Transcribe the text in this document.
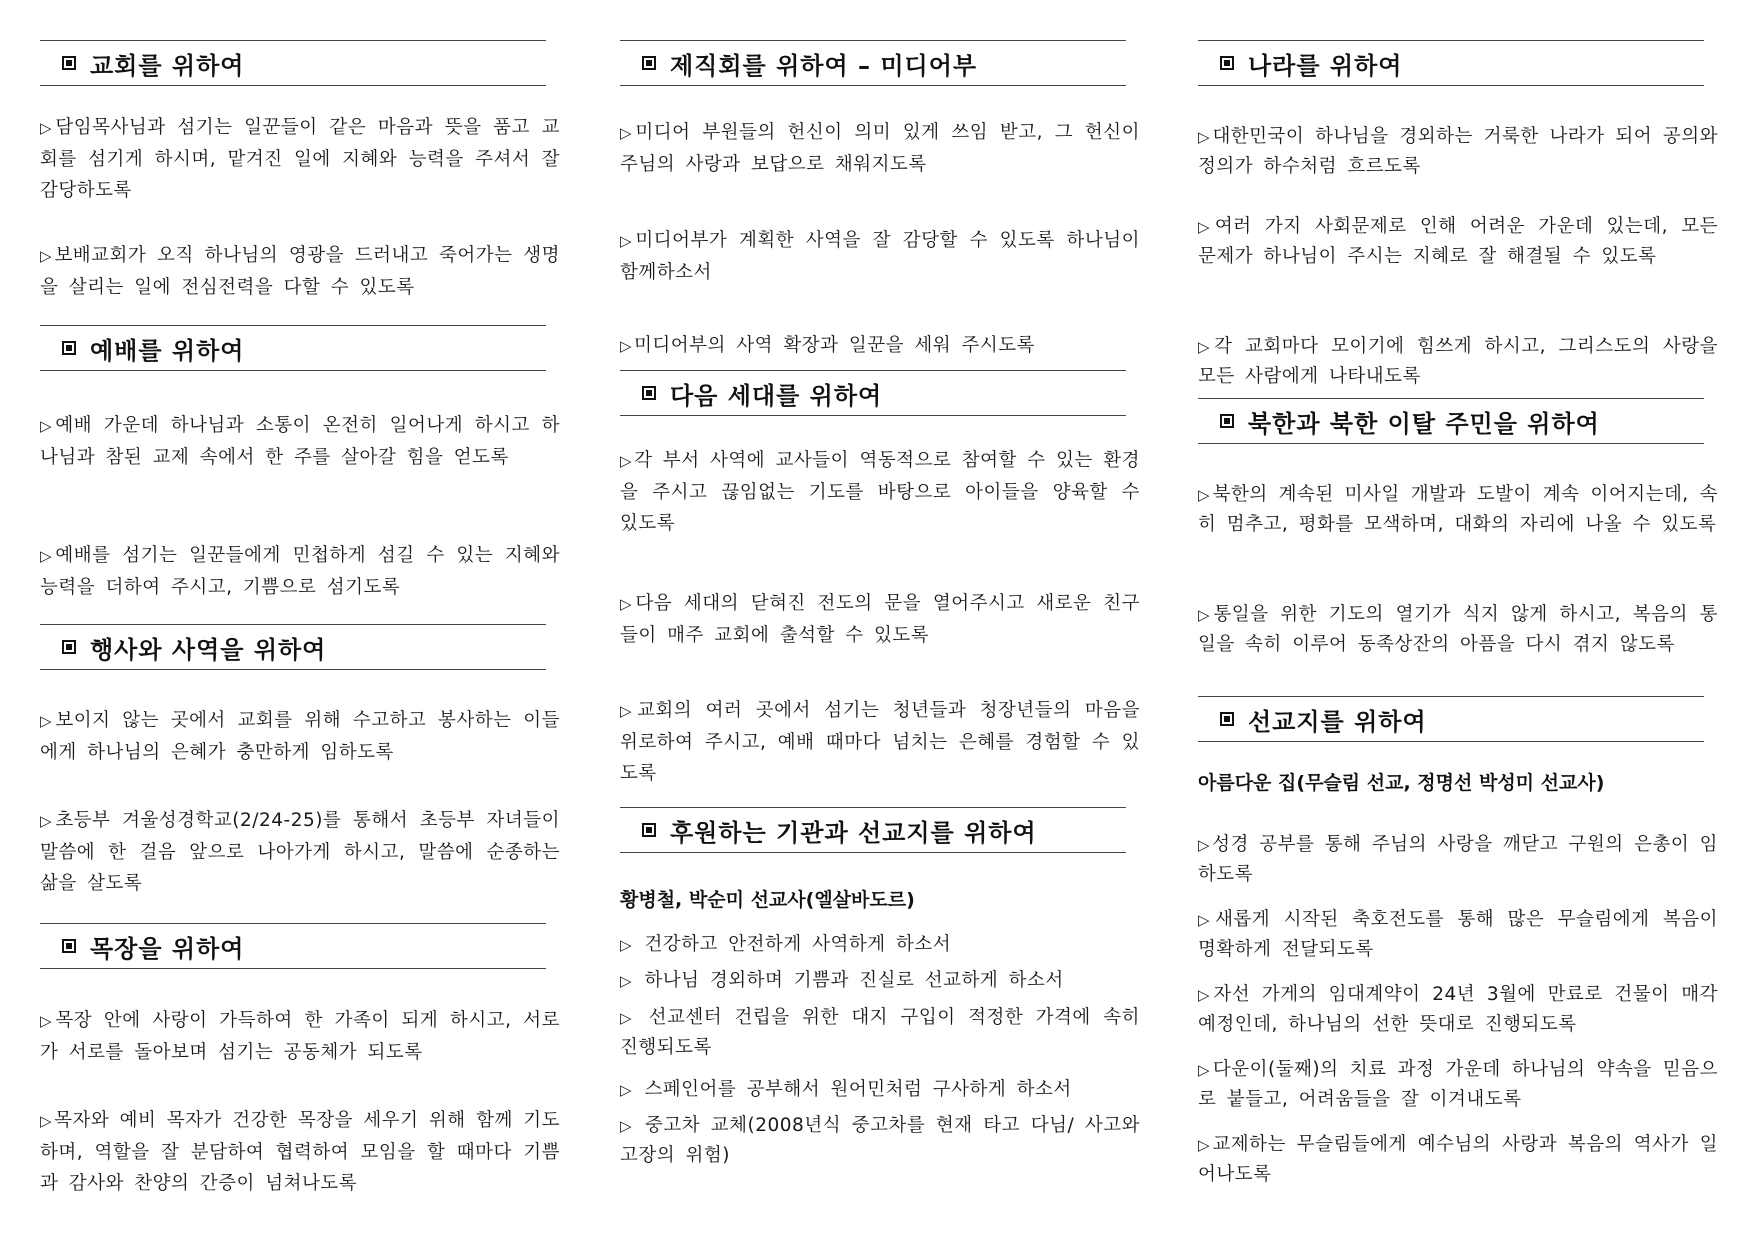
교회를 위하여
▷ 담임목사님과 섬기는 일꾼들이 같은 마음과 뜻을 품고 교회를 섬기게 하시며, 맡겨진 일에 지혜와 능력을 주셔서 잘 감당하도록
▷ 보배교회가 오직 하나님의 영광을 드러내고 죽어가는 생명을 살리는 일에 전심전력을 다할 수 있도록
예배를 위하여
▷ 예배 가운데 하나님과 소통이 온전히 일어나게 하시고 하나님과 참된 교제 속에서 한 주를 살아갈 힘을 얻도록
▷ 예배를 섬기는 일꾼들에게 민첩하게 섬길 수 있는 지혜와 능력을 더하여 주시고, 기쁨으로 섬기도록
행사와 사역을 위하여
▷ 보이지 않는 곳에서 교회를 위해 수고하고 봉사하는 이들에게 하나님의 은혜가 충만하게 임하도록
▷ 초등부 겨울성경학교(2/24-25)를 통해서 초등부 자녀들이 말씀에 한 걸음 앞으로 나아가게 하시고, 말씀에 순종하는 삶을 살도록
목장을 위하여
▷ 목장 안에 사랑이 가득하여 한 가족이 되게 하시고, 서로가 서로를 돌아보며 섬기는 공동체가 되도록
▷ 목자와 예비 목자가 건강한 목장을 세우기 위해 함께 기도하며, 역할을 잘 분담하여 협력하여 모임을 할 때마다 기쁨과 감사와 찬양의 간증이 넘쳐나도록
제직회를 위하여 – 미디어부
▷ 미디어 부원들의 헌신이 의미 있게 쓰임 받고, 그 헌신이 주님의 사랑과 보답으로 채워지도록
▷ 미디어부가 계획한 사역을 잘 감당할 수 있도록 하나님이 함께하소서
▷ 미디어부의 사역 확장과 일꾼을 세워 주시도록
다음 세대를 위하여
▷ 각 부서 사역에 교사들이 역동적으로 참여할 수 있는 환경을 주시고 끊임없는 기도를 바탕으로 아이들을 양육할 수 있도록
▷ 다음 세대의 닫혀진 전도의 문을 열어주시고 새로운 친구들이 매주 교회에 출석할 수 있도록
▷ 교회의 여러 곳에서 섬기는 청년들과 청장년들의 마음을 위로하여 주시고, 예배 때마다 넘치는 은혜를 경험할 수 있도록
후원하는 기관과 선교지를 위하여
황병철, 박순미 선교사(엘살바도르)
▷ 건강하고 안전하게 사역하게 하소서
▷ 하나님 경외하며 기쁨과 진실로 선교하게 하소서
▷ 선교센터 건립을 위한 대지 구입이 적정한 가격에 속히 진행되도록
▷ 스페인어를 공부해서 원어민처럼 구사하게 하소서
▷ 중고차 교체(2008년식 중고차를 현재 타고 다님/ 사고와 고장의 위험)
나라를 위하여
▷ 대한민국이 하나님을 경외하는 거룩한 나라가 되어 공의와 정의가 하수처럼 흐르도록
▷ 여러 가지 사회문제로 인해 어려운 가운데 있는데, 모든 문제가 하나님이 주시는 지혜로 잘 해결될 수 있도록
▷ 각 교회마다 모이기에 힘쓰게 하시고, 그리스도의 사랑을 모든 사람에게 나타내도록
북한과 북한 이탈 주민을 위하여
▷ 북한의 계속된 미사일 개발과 도발이 계속 이어지는데, 속히 멈추고, 평화를 모색하며, 대화의 자리에 나올 수 있도록
▷ 통일을 위한 기도의 열기가 식지 않게 하시고, 복음의 통일을 속히 이루어 동족상잔의 아픔을 다시 겪지 않도록
선교지를 위하여
아름다운 집(무슬림 선교, 정명선 박성미 선교사)
▷ 성경 공부를 통해 주님의 사랑을 깨닫고 구원의 은총이 임하도록
▷ 새롭게 시작된 축호전도를 통해 많은 무슬림에게 복음이 명확하게 전달되도록
▷ 자선 가게의 임대계약이 24년 3월에 만료로 건물이 매각 예정인데, 하나님의 선한 뜻대로 진행되도록
▷ 다운이(둘째)의 치료 과정 가운데 하나님의 약속을 믿음으로 붙들고, 어려움들을 잘 이겨내도록
▷ 교제하는 무슬림들에게 예수님의 사랑과 복음의 역사가 일어나도록
